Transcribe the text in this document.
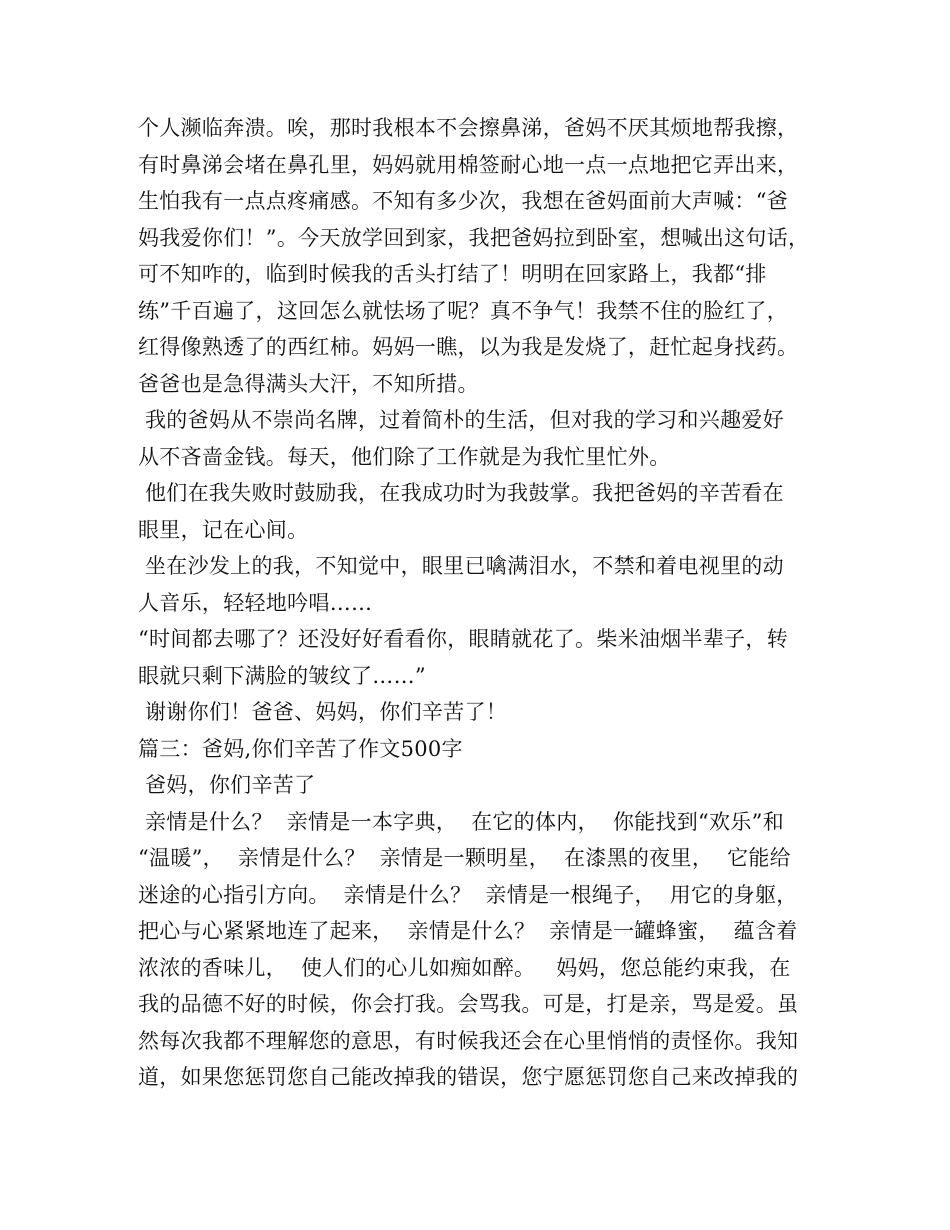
个人濒临奔溃。唉，那时我根本不会擦鼻涕，爸妈不厌其烦地帮我擦，
有时鼻涕会堵在鼻孔里，妈妈就用棉签耐心地一点一点地把它弄出来，
生怕我有一点点疼痛感。不知有多少次，我想在爸妈面前大声喊：“爸
妈我爱你们！”。今天放学回到家，我把爸妈拉到卧室，想喊出这句话，
可不知咋的，临到时候我的舌头打结了！明明在回家路上，我都“排
练”千百遍了，这回怎么就怯场了呢？真不争气！我禁不住的脸红了，
红得像熟透了的西红柿。妈妈一瞧，以为我是发烧了，赶忙起身找药。
爸爸也是急得满头大汗，不知所措。
我的爸妈从不崇尚名牌，过着简朴的生活，但对我的学习和兴趣爱好
从不吝啬金钱。每天，他们除了工作就是为我忙里忙外。
他们在我失败时鼓励我，在我成功时为我鼓掌。我把爸妈的辛苦看在
眼里，记在心间。
坐在沙发上的我，不知觉中，眼里已噙满泪水，不禁和着电视里的动
人音乐，轻轻地吟唱……
“时间都去哪了？还没好好看看你，眼睛就花了。柴米油烟半辈子，转
眼就只剩下满脸的皱纹了……”
谢谢你们！爸爸、妈妈，你们辛苦了！
篇三：爸妈,你们辛苦了作文500字
爸妈，你们辛苦了
亲情是什么？  亲情是一本字典，  在它的体内，  你能找到“欢乐”和
“温暖”，  亲情是什么？  亲情是一颗明星，  在漆黑的夜里，  它能给
迷途的心指引方向。  亲情是什么？  亲情是一根绳子，  用它的身躯，
把心与心紧紧地连了起来，  亲情是什么？  亲情是一罐蜂蜜，  蕴含着
浓浓的香味儿，  使人们的心儿如痴如醉。   妈妈，您总能约束我，在
我的品德不好的时候，你会打我。会骂我。可是，打是亲，骂是爱。虽
然每次我都不理解您的意思，有时候我还会在心里悄悄的责怪你。我知
道，如果您惩罚您自己能改掉我的错误，您宁愿惩罚您自己来改掉我的
